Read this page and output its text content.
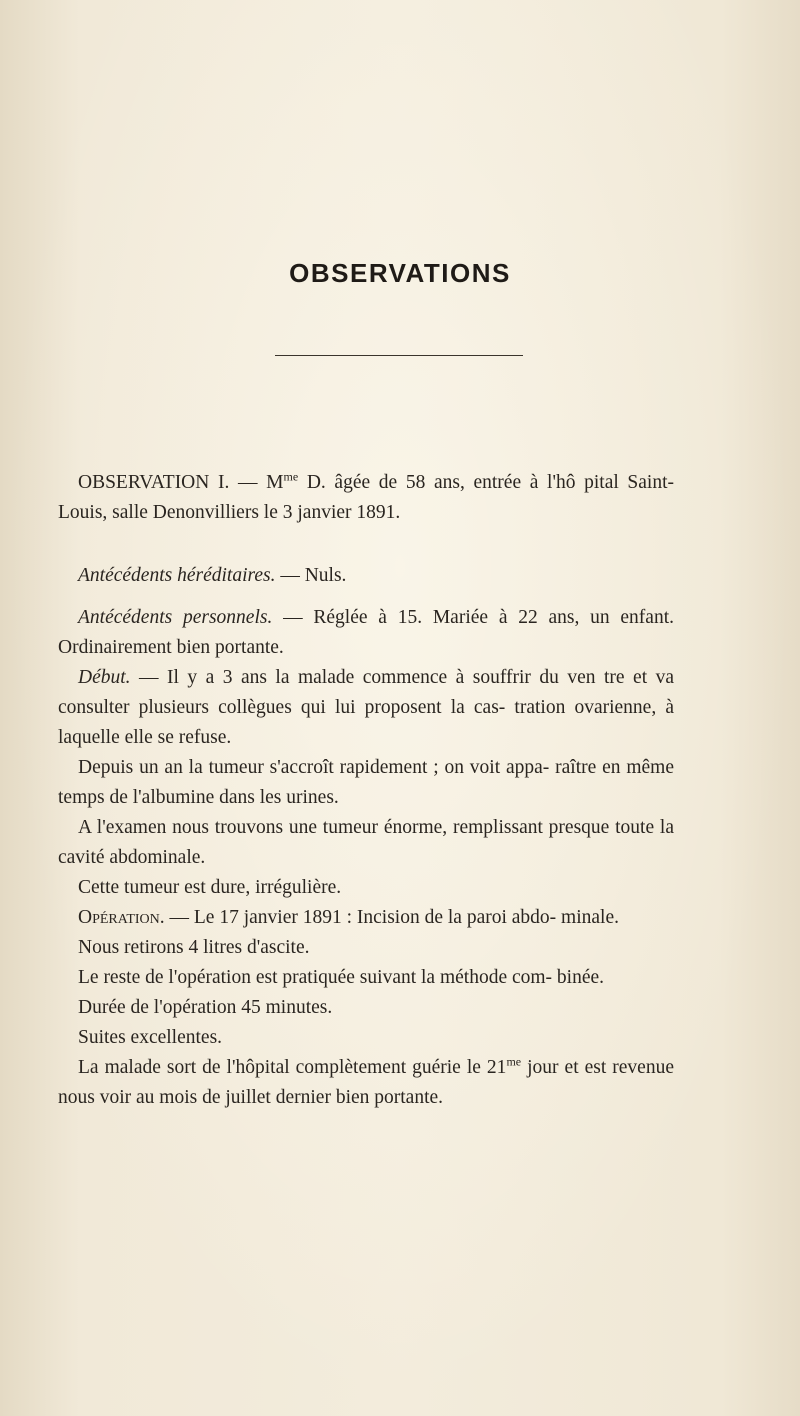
OBSERVATIONS

OBSERVATION I. — $M^{me}$ D. âgée de 58 ans, entrée à l'hô pital Saint-Louis, salle Denonvilliers le 3 janvier 1891.

Antécédents héréditaires. — Nuls.

Antécédents personnels. — Réglée à 15. Mariée à 22 ans, un enfant. Ordinairement bien portante.

Début. — Il y a 3 ans la malade commence à souffrir du ven tre et va consulter plusieurs collègues qui lui proposent la cas- tration ovarienne, à laquelle elle se refuse.

Depuis un an la tumeur s'accroît rapidement ; on voit appa- raître en même temps de l'albumine dans les urines.

A l'examen nous trouvons une tumeur énorme, remplissant presque toute la cavité abdominale.

Cette tumeur est dure, irrégulière.

Opération. — Le 17 janvier 1891 : Incision de la paroi abdo- minale.

Nous retirons 4 litres d'ascite.

Le reste de l'opération est pratiquée suivant la méthode com- binée.

Durée de l'opération 45 minutes.

Suites excellentes.

La malade sort de l'hôpital complètement guérie le $21^{me}$ jour et est revenue nous voir au mois de juillet dernier bien portante.
